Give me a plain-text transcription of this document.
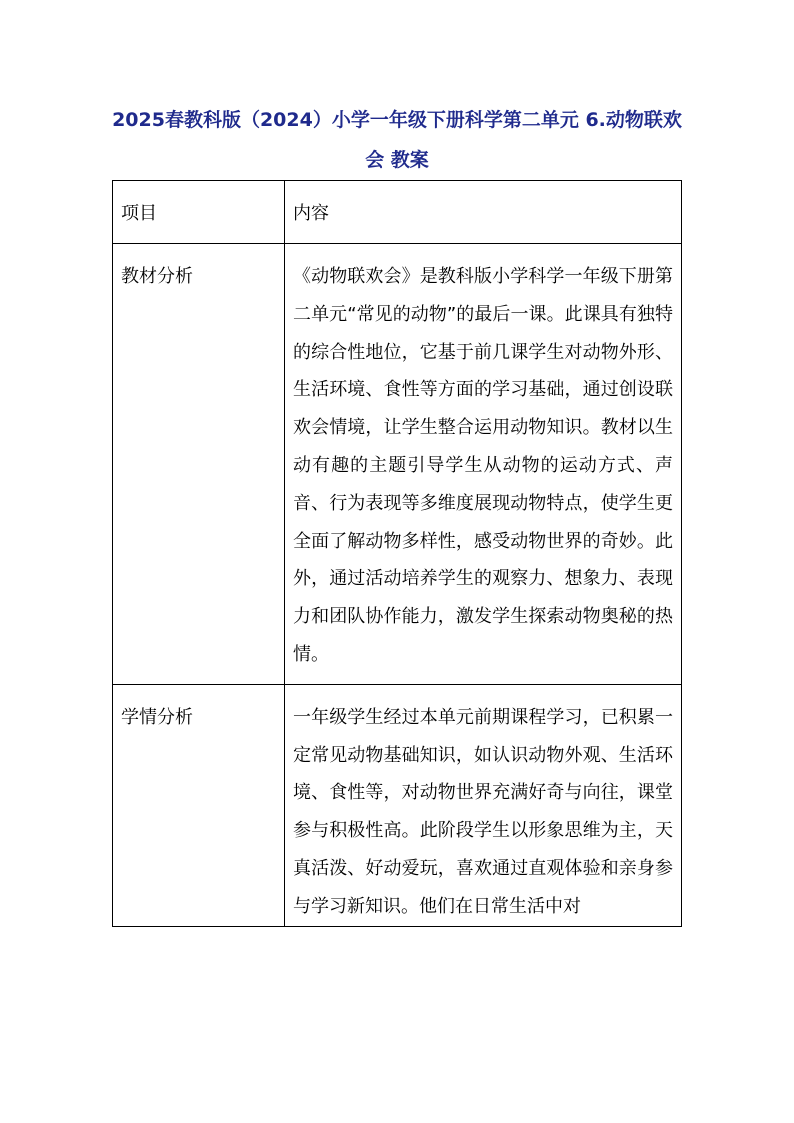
2025春教科版（2024）小学一年级下册科学第二单元 6.动物联欢
会 教案
项目	内容
教材分析	《动物联欢会》是教科版小学科学一年级下册第二单元“常见的动物”的最后一课。此课具有独特的综合性地位，它基于前几课学生对动物外形、生活环境、食性等方面的学习基础，通过创设联欢会情境，让学生整合运用动物知识。教材以生动有趣的主题引导学生从动物的运动方式、声音、行为表现等多维度展现动物特点，使学生更全面了解动物多样性，感受动物世界的奇妙。此外，通过活动培养学生的观察力、想象力、表现力和团队协作能力，激发学生探索动物奥秘的热情。
学情分析	一年级学生经过本单元前期课程学习，已积累一定常见动物基础知识，如认识动物外观、生活环境、食性等，对动物世界充满好奇与向往，课堂参与积极性高。此阶段学生以形象思维为主，天真活泼、好动爱玩，喜欢通过直观体验和亲身参与学习新知识。他们在日常生活中对
